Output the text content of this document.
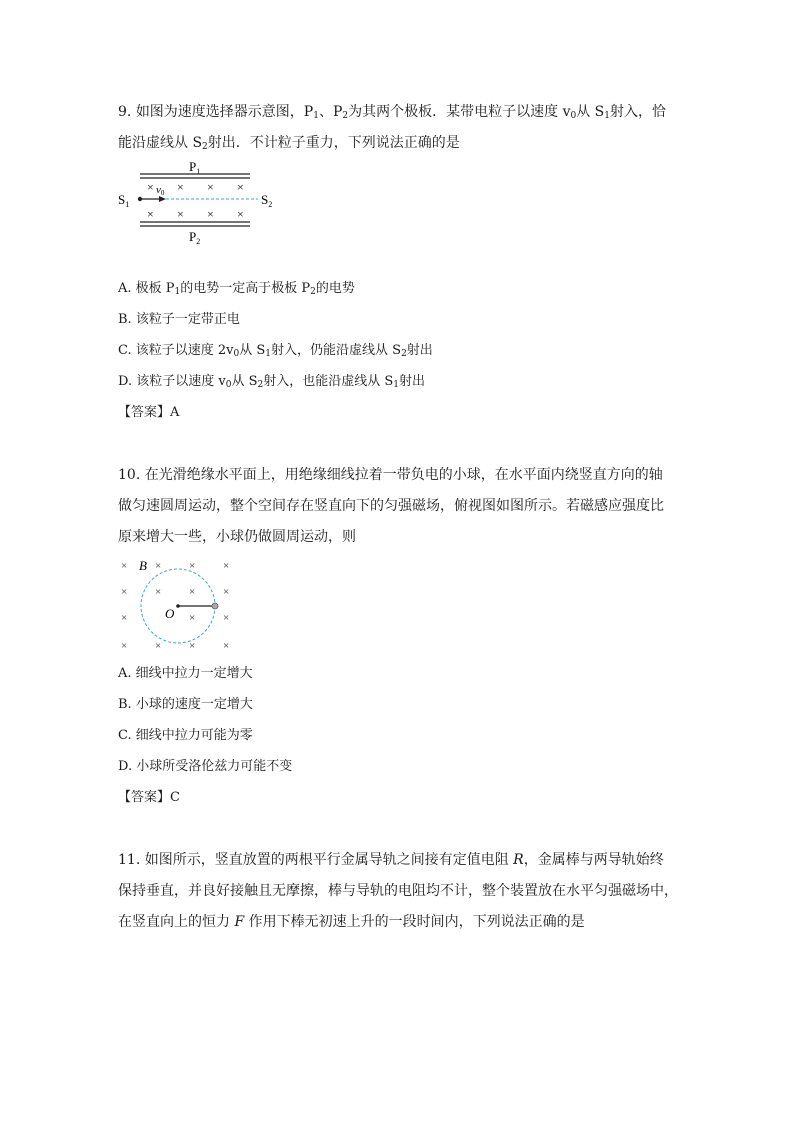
9. 如图为速度选择器示意图，$P_1$、$P_2$为其两个极板．某带电粒子以速度 $v_0$从 $S_1$射入，恰
能沿虚线从 $S_2$射出．不计粒子重力，下列说法正确的是
$P_1$
× × × ×
v0
$S_1$	$S_2$
× × × ×
$P_2$
A. 极板 $P_1$的电势一定高于极板 $P_2$的电势
B. 该粒子一定带正电
C. 该粒子以速度 $2v_0$从 $S_1$射入，仍能沿虚线从 $S_2$射出
D. 该粒子以速度 $v_0$从 $S_2$射入，也能沿虚线从 $S_1$射出
【答案】A
10. 在光滑绝缘水平面上，用绝缘细线拉着一带负电的小球，在水平面内绕竖直方向的轴
做匀速圆周运动，整个空间存在竖直向下的匀强磁场，俯视图如图所示。若磁感应强度比
原来增大一些，小球仍做圆周运动，则
×	×	×	×
×	×	×	×
×	×	×
×	×	×	×
B
O
A. 细线中拉力一定增大
B. 小球的速度一定增大
C. 细线中拉力可能为零
D. 小球所受洛伦兹力可能不变
【答案】C
11. 如图所示，竖直放置的两根平行金属导轨之间接有定值电阻 R，金属棒与两导轨始终
保持垂直，并良好接触且无摩擦，棒与导轨的电阻均不计，整个装置放在水平匀强磁场中，
在竖直向上的恒力 F 作用下棒无初速上升的一段时间内，下列说法正确的是
